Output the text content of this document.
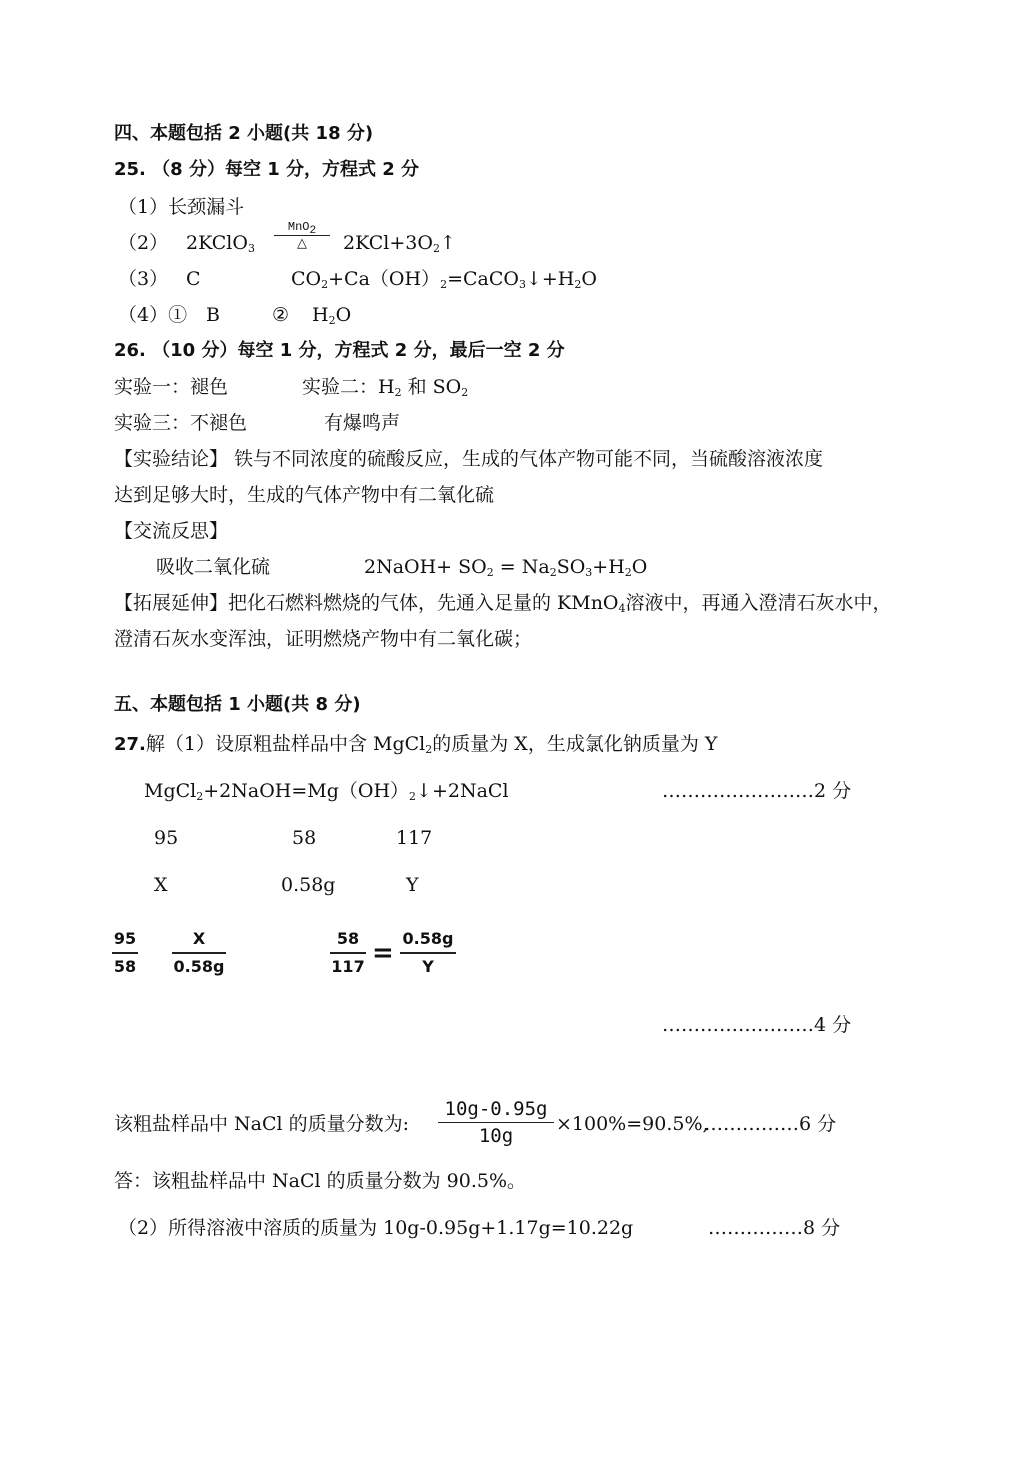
四、本题包括 2 小题(共 18 分)
25. （8 分）每空 1 分，方程式 2 分
（1）长颈漏斗
（2） 2KClO$_3$
MnO$_2$
△	$2KCl+3O_2↑$
（3） C	$CO_2+Ca(OH)_2=CaCO_3↓+H_2O$
（4）① B	② $H_2O$
26. （10 分）每空 1 分，方程式 2 分，最后一空 2 分
实验一：褪色	实验二：$H_2$ 和 $SO_2$
实验三：不褪色	有爆鸣声
【实验结论】 铁与不同浓度的硫酸反应，生成的气体产物可能不同，当硫酸溶液浓度
达到足够大时，生成的气体产物中有二氧化硫
【交流反思】
吸收二氧化硫	2NaOH+ $SO_2 = Na_2SO_3+H_2O$
【拓展延伸】把化石燃料燃烧的气体，先通入足量的 KMnO$_4$溶液中，再通入澄清石灰水中，
澄清石灰水变浑浊，证明燃烧产物中有二氧化碳；
五、本题包括 1 小题(共 8 分)
27.解（1）设原粗盐样品中含 MgCl$_2$的质量为 X，生成氯化钠质量为 Y
$MgCl_2+2NaOH=Mg(OH)_2↓+2NaCl$	……………………2 分
95	58	117
X	0.58g	Y
95
58
X
0.58g
58
117 = 0.58g
Y
……………………4 分
该粗盐样品中 NaCl 的质量分数为:
10g-0.95g
10g
×100%=90.5%,
……………6 分
答：该粗盐样品中 NaCl 的质量分数为 90.5%。
（2）所得溶液中溶质的质量为 10g-0.95g+1.17g=10.22g	……………8 分
